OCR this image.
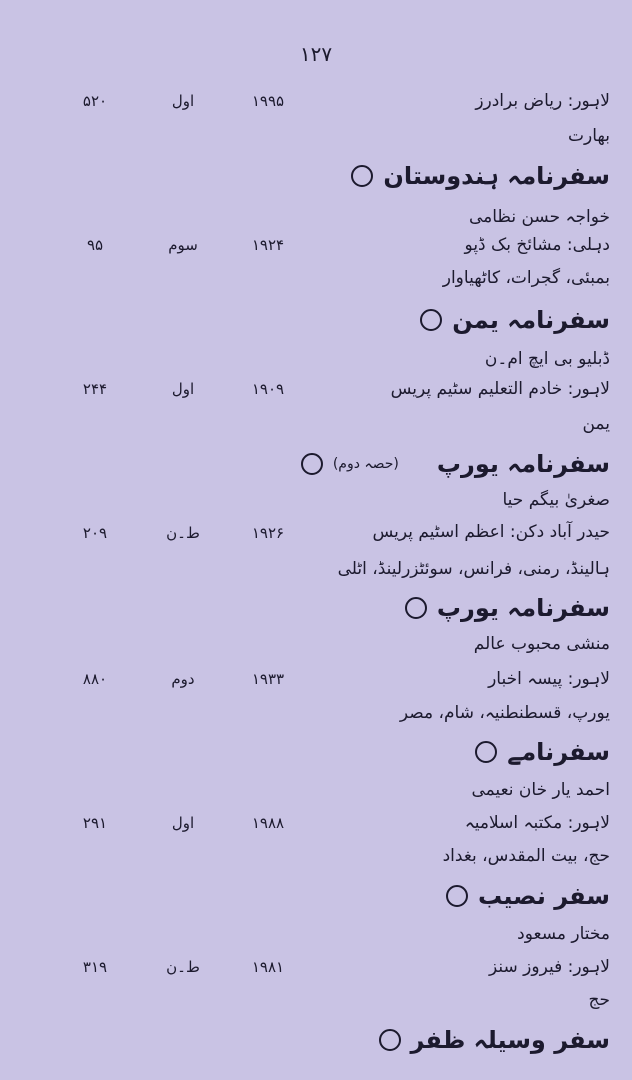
۱۲۷
لاہور: ریاض برادرز
۱۹۹۵
اول
۵۲۰
بھارت
سفرنامہ ہندوستان
خواجہ حسن نظامی
دہلی: مشائخ بک ڈپو
۱۹۲۴
سوم
۹۵
بمبئی، گجرات، کاٹھیاوار
سفرنامہ یمن
ڈبلیو بی ایچ ام۔ن
لاہور: خادم التعلیم سٹیم پریس
۱۹۰۹
اول
۲۴۴
یمن
سفرنامہ یورپ
(حصہ دوم)
صغریٰ بیگم حیا
حیدر آباد دکن: اعظم اسٹیم پریس
۱۹۲۶
ط۔ن
۲۰۹
ہالینڈ، رمنی، فرانس، سوئٹزرلینڈ، اٹلی
سفرنامہ یورپ
منشی محبوب عالم
لاہور: پیسہ اخبار
۱۹۳۳
دوم
۸۸۰
یورپ، قسطنطنیہ، شام، مصر
سفرنامے
احمد یار خان نعیمی
لاہور: مکتبہ اسلامیہ
۱۹۸۸
اول
۲۹۱
حج، بیت المقدس، بغداد
سفر نصیب
مختار مسعود
لاہور: فیروز سنز
۱۹۸۱
ط۔ن
۳۱۹
حج
سفر وسیلہ ظفر
